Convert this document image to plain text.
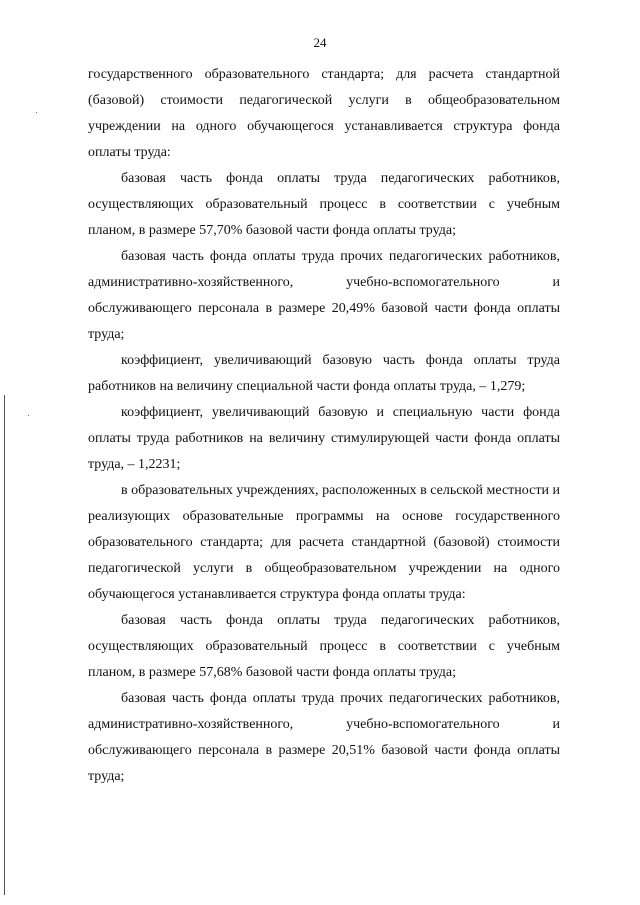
24

государственного образовательного стандарта; для расчета стандартной (базовой) стоимости педагогической услуги в общеобразовательном учреждении на одного обучающегося устанавливается структура фонда оплаты труда:

базовая часть фонда оплаты труда педагогических работников, осуществляющих образовательный процесс в соответствии с учебным планом, в размере 57,70% базовой части фонда оплаты труда;

базовая часть фонда оплаты труда прочих педагогических работников, административно-хозяйственного, учебно-вспомогательного и обслуживающего персонала в размере 20,49% базовой части фонда оплаты труда;

коэффициент, увеличивающий базовую часть фонда оплаты труда работников на величину специальной части фонда оплаты труда, – 1,279;

коэффициент, увеличивающий базовую и специальную части фонда оплаты труда работников на величину стимулирующей части фонда оплаты труда, – 1,2231;

в образовательных учреждениях, расположенных в сельской местности и реализующих образовательные программы на основе государственного образовательного стандарта; для расчета стандартной (базовой) стоимости педагогической услуги в общеобразовательном учреждении на одного обучающегося устанавливается структура фонда оплаты труда:

базовая часть фонда оплаты труда педагогических работников, осуществляющих образовательный процесс в соответствии с учебным планом, в размере 57,68% базовой части фонда оплаты труда;

базовая часть фонда оплаты труда прочих педагогических работников, административно-хозяйственного, учебно-вспомогательного и обслуживающего персонала в размере 20,51% базовой части фонда оплаты труда;
